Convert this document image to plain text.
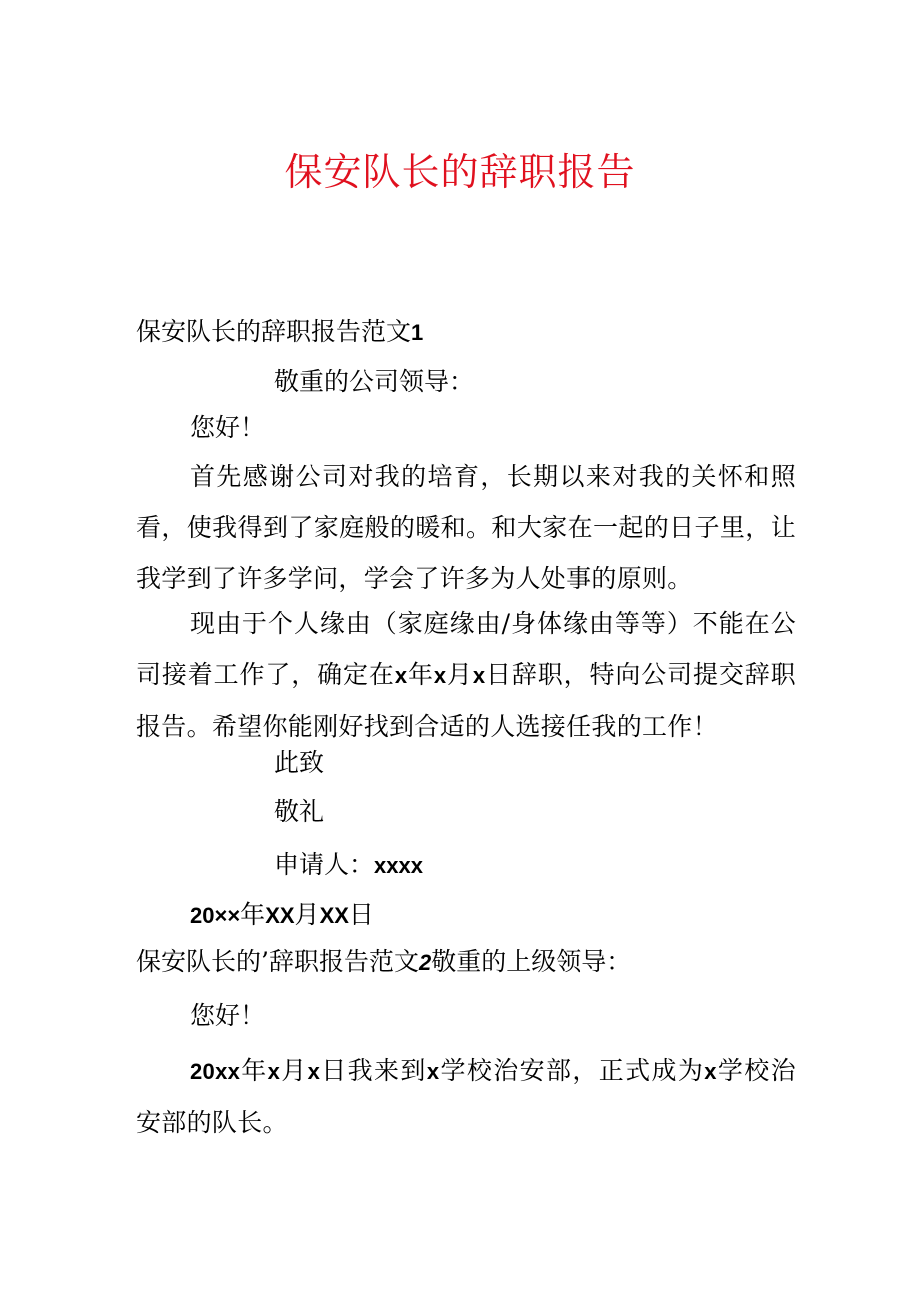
保安队长的辞职报告
保安队长的辞职报告范文1
敬重的公司领导：
您好！
首先感谢公司对我的培育，长期以来对我的关怀和照看，使我得到了家庭般的暖和。和大家在一起的日子里，让我学到了许多学问，学会了许多为人处事的原则。
现由于个人缘由（家庭缘由/身体缘由等等）不能在公司接着工作了，确定在x年x月x日辞职，特向公司提交辞职报告。希望你能刚好找到合适的人选接任我的工作！
此致
敬礼
申请人：xxxx
20××年XX月XX日
保安队长的’辞职报告范文2敬重的上级领导：
您好！
20xx年x月x日我来到x学校治安部，正式成为x学校治安部的队长。
